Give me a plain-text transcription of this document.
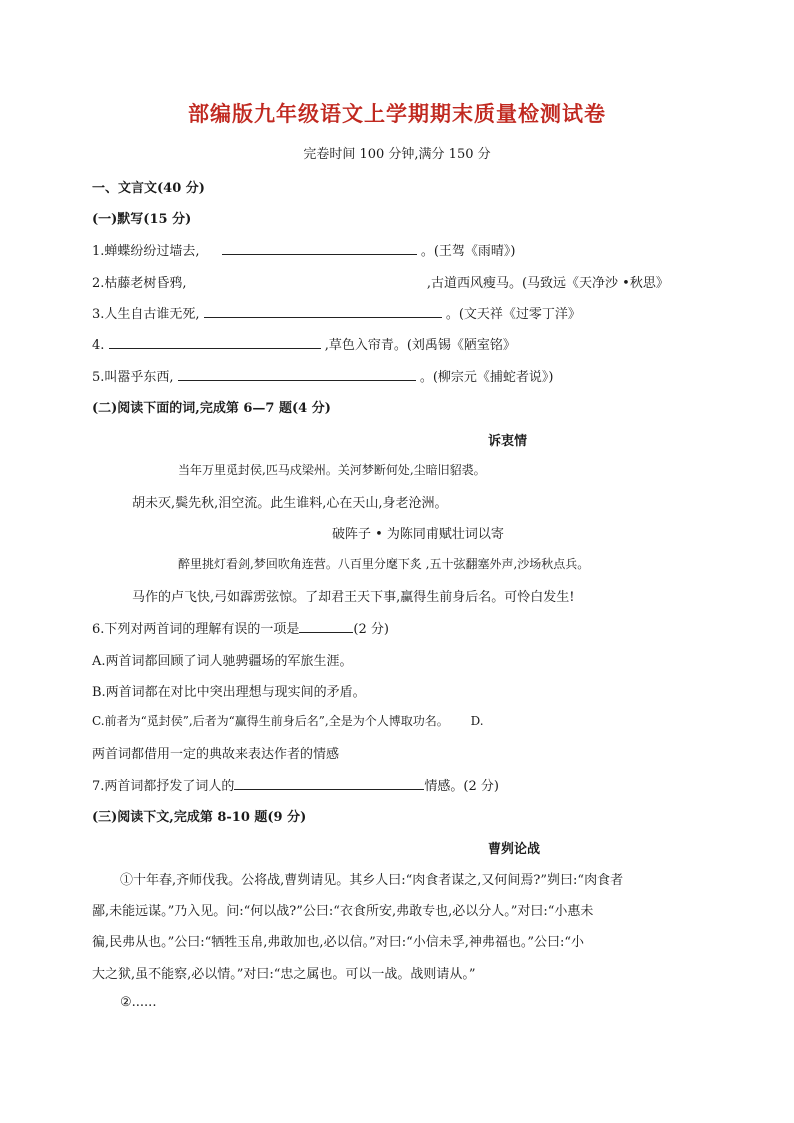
部编版九年级语文上学期期末质量检测试卷
完卷时间 100 分钟,满分 150 分
一、文言文(40 分)
(一)默写(15 分)
1.蝉蝶纷纷过墙去,	。(王驾《雨晴》)
2.枯藤老树昏鸦,	,古道西风瘦马。(马致远《天净沙 •秋思》
3.人生自古谁无死,	。(文天祥《过零丁洋》
4.	,草色入帘青。(刘禹锡《陋室铭》
5.叫嚣乎东西,	。(柳宗元《捕蛇者说》)
(二)阅读下面的词,完成第 6—7 题(4 分)
诉衷情
当年万里觅封侯,匹马戍梁州。关河梦断何处,尘暗旧貂裘。
胡未灭,鬓先秋,泪空流。此生谁料,心在天山,身老沧洲。
破阵子 • 为陈同甫赋壮词以寄
醉里挑灯看剑,梦回吹角连营。八百里分麾下炙 ,五十弦翻塞外声,沙场秋点兵。
马作的卢飞快,弓如霹雳弦惊。了却君王天下事,赢得生前身后名。可怜白发生!
6.下列对两首词的理解有误的一项是	(2 分)
A.两首词都回顾了词人驰骋疆场的军旅生涯。
B.两首词都在对比中突出理想与现实间的矛盾。
C.前者为“觅封侯”,后者为“赢得生前身后名”,全是为个人博取功名。 D.
两首词都借用一定的典故来表达作者的情感
7.两首词都抒发了词人的	情感。(2 分)
(三)阅读下文,完成第 8-10 题(9 分)
曹刿论战
①十年春,齐师伐我。公将战,曹刿请见。其乡人曰:“肉食者谋之,又何间焉?”刿曰:“肉食者
鄙,未能远谋。”乃入见。问:“何以战?”公曰:“衣食所安,弗敢专也,必以分人。”对曰:“小惠未
徧,民弗从也。”公曰:“牺牲玉帛,弗敢加也,必以信。”对曰:“小信未孚,神弗福也。”公曰:“小
大之狱,虽不能察,必以情。”对曰:“忠之属也。可以一战。战则请从。”
②......
